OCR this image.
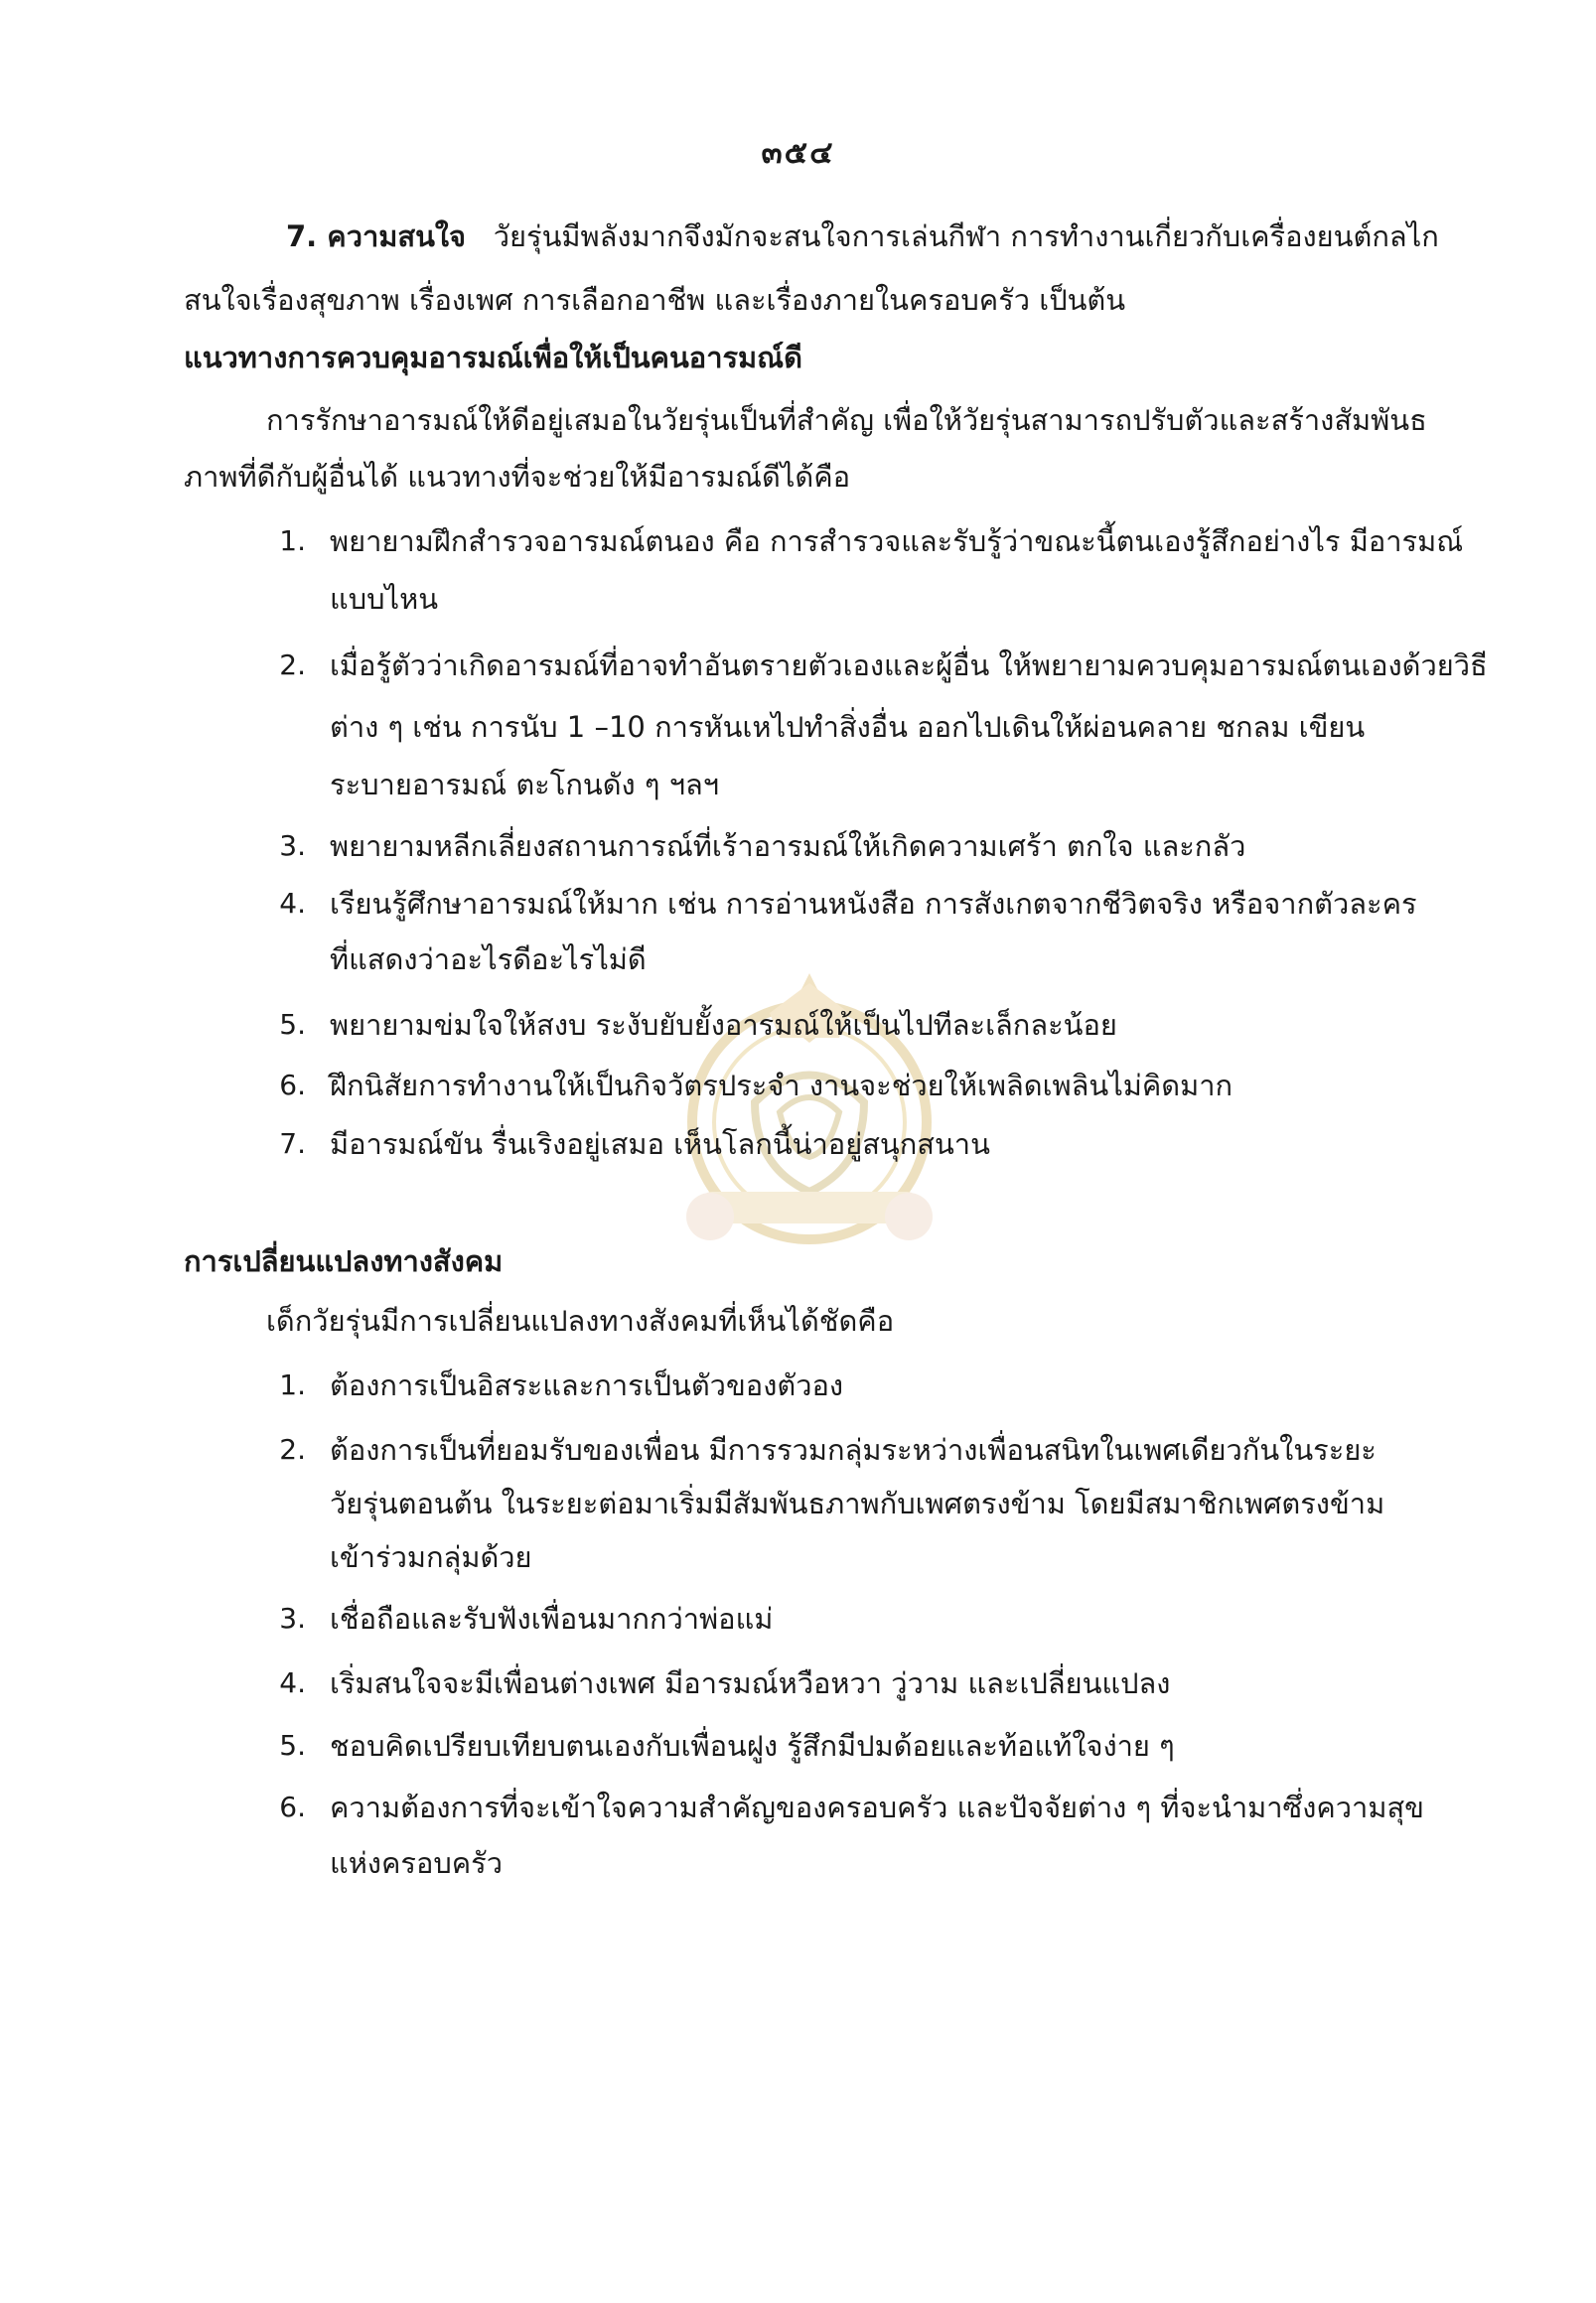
๓๕๔
7. ความสนใจ วัยรุ่นมีพลังมากจึงมักจะสนใจการเล่นกีฬา การทำงานเกี่ยวกับเครื่องยนต์กลไก
สนใจเรื่องสุขภาพ เรื่องเพศ การเลือกอาชีพ และเรื่องภายในครอบครัว เป็นต้น
แนวทางการควบคุมอารมณ์เพื่อให้เป็นคนอารมณ์ดี
การรักษาอารมณ์ให้ดีอยู่เสมอในวัยรุ่นเป็นที่สำคัญ เพื่อให้วัยรุ่นสามารถปรับตัวและสร้างสัมพันธ
ภาพที่ดีกับผู้อื่นได้ แนวทางที่จะช่วยให้มีอารมณ์ดีได้คือ
1. พยายามฝึกสำรวจอารมณ์ตนอง คือ การสำรวจและรับรู้ว่าขณะนี้ตนเองรู้สึกอย่างไร มีอารมณ์
แบบไหน
2. เมื่อรู้ตัวว่าเกิดอารมณ์ที่อาจทำอันตรายตัวเองและผู้อื่น ให้พยายามควบคุมอารมณ์ตนเองด้วยวิธี
ต่าง ๆ เช่น การนับ 1 –10 การหันเหไปทำสิ่งอื่น ออกไปเดินให้ผ่อนคลาย ชกลม เขียน
ระบายอารมณ์ ตะโกนดัง ๆ ฯลฯ
3. พยายามหลีกเลี่ยงสถานการณ์ที่เร้าอารมณ์ให้เกิดความเศร้า ตกใจ และกลัว
4. เรียนรู้ศึกษาอารมณ์ให้มาก เช่น การอ่านหนังสือ การสังเกตจากชีวิตจริง หรือจากตัวละคร
ที่แสดงว่าอะไรดีอะไรไม่ดี
5. พยายามข่มใจให้สงบ ระงับยับยั้งอารมณ์ให้เป็นไปทีละเล็กละน้อย
6. ฝึกนิสัยการทำงานให้เป็นกิจวัตรประจำ งานจะช่วยให้เพลิดเพลินไม่คิดมาก
7. มีอารมณ์ขัน รื่นเริงอยู่เสมอ เห็นโลกนี้น่าอยู่สนุกสนาน
การเปลี่ยนแปลงทางสังคม
เด็กวัยรุ่นมีการเปลี่ยนแปลงทางสังคมที่เห็นได้ชัดคือ
1. ต้องการเป็นอิสระและการเป็นตัวของตัวอง
2. ต้องการเป็นที่ยอมรับของเพื่อน มีการรวมกลุ่มระหว่างเพื่อนสนิทในเพศเดียวกันในระยะ
วัยรุ่นตอนต้น ในระยะต่อมาเริ่มมีสัมพันธภาพกับเพศตรงข้าม โดยมีสมาชิกเพศตรงข้าม
เข้าร่วมกลุ่มด้วย
3. เชื่อถือและรับฟังเพื่อนมากกว่าพ่อแม่
4. เริ่มสนใจจะมีเพื่อนต่างเพศ มีอารมณ์หวือหวา วู่วาม และเปลี่ยนแปลง
5. ชอบคิดเปรียบเทียบตนเองกับเพื่อนฝูง รู้สึกมีปมด้อยและท้อแท้ใจง่าย ๆ
6. ความต้องการที่จะเข้าใจความสำคัญของครอบครัว และปัจจัยต่าง ๆ ที่จะนำมาซึ่งความสุข
แห่งครอบครัว
